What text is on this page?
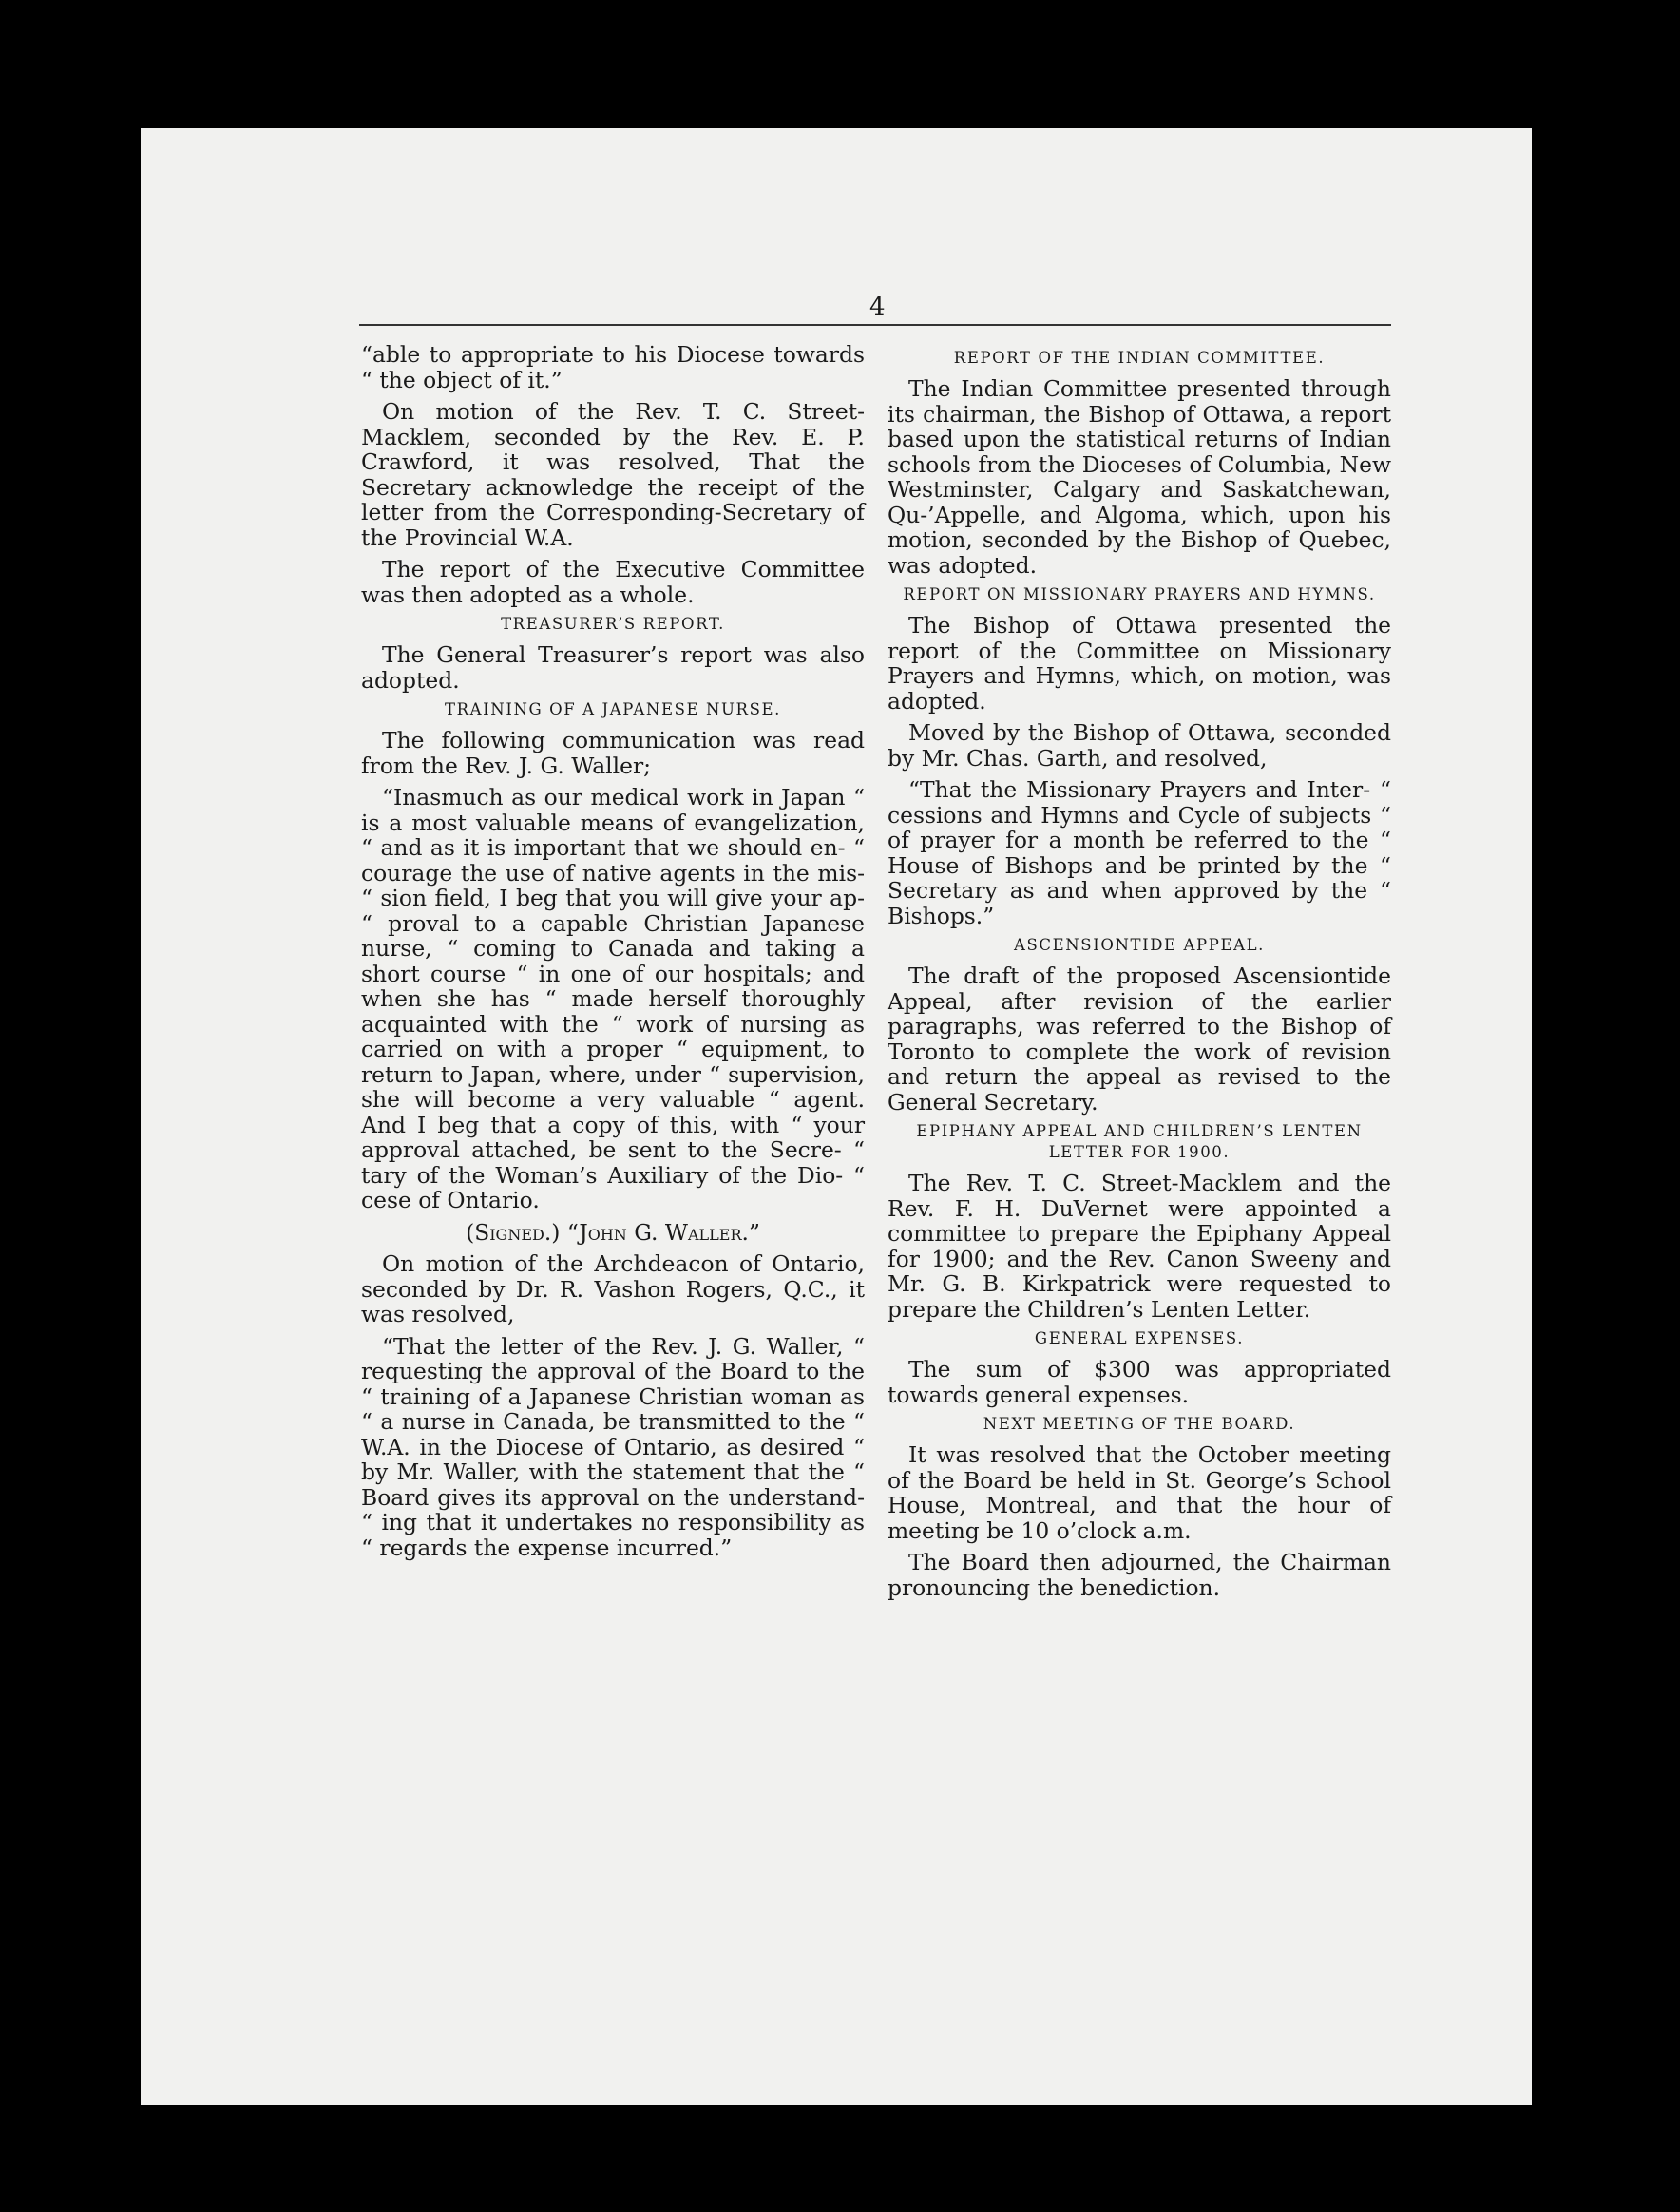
4

“able to appropriate to his Diocese towards “ the object of it.”

On motion of the Rev. T. C. Street-Macklem, seconded by the Rev. E. P. Crawford, it was resolved, That the Secretary acknowledge the receipt of the letter from the Corresponding-Secretary of the Provincial W.A.

The report of the Executive Committee was then adopted as a whole.

TREASURER’S REPORT.

The General Treasurer’s report was also adopted.

TRAINING OF A JAPANESE NURSE.

The following communication was read from the Rev. J. G. Waller;

“Inasmuch as our medical work in Japan “ is a most valuable means of evangelization, “ and as it is important that we should en- “ courage the use of native agents in the mis- “ sion field, I beg that you will give your ap- “ proval to a capable Christian Japanese nurse, “ coming to Canada and taking a short course “ in one of our hospitals; and when she has “ made herself thoroughly acquainted with the “ work of nursing as carried on with a proper “ equipment, to return to Japan, where, under “ supervision, she will become a very valuable “ agent. And I beg that a copy of this, with “ your approval attached, be sent to the Secre- “ tary of the Woman’s Auxiliary of the Dio- “ cese of Ontario.

(Signed.) “John G. Waller.”

On motion of the Archdeacon of Ontario, seconded by Dr. R. Vashon Rogers, Q.C., it was resolved,

“That the letter of the Rev. J. G. Waller, “ requesting the approval of the Board to the “ training of a Japanese Christian woman as “ a nurse in Canada, be transmitted to the “ W.A. in the Diocese of Ontario, as desired “ by Mr. Waller, with the statement that the “ Board gives its approval on the understand- “ ing that it undertakes no responsibility as “ regards the expense incurred.”

REPORT OF THE INDIAN COMMITTEE.

The Indian Committee presented through its chairman, the Bishop of Ottawa, a report based upon the statistical returns of Indian schools from the Dioceses of Columbia, New Westminster, Calgary and Saskatchewan, Qu-’Appelle, and Algoma, which, upon his motion, seconded by the Bishop of Quebec, was adopted.

REPORT ON MISSIONARY PRAYERS AND HYMNS.

The Bishop of Ottawa presented the report of the Committee on Missionary Prayers and Hymns, which, on motion, was adopted.

Moved by the Bishop of Ottawa, seconded by Mr. Chas. Garth, and resolved,

“That the Missionary Prayers and Inter- “ cessions and Hymns and Cycle of subjects “ of prayer for a month be referred to the “ House of Bishops and be printed by the “ Secretary as and when approved by the “ Bishops.”

ASCENSIONTIDE APPEAL.

The draft of the proposed Ascensiontide Appeal, after revision of the earlier paragraphs, was referred to the Bishop of Toronto to complete the work of revision and return the appeal as revised to the General Secretary.

EPIPHANY APPEAL AND CHILDREN’S LENTEN LETTER FOR 1900.

The Rev. T. C. Street-Macklem and the Rev. F. H. DuVernet were appointed a committee to prepare the Epiphany Appeal for 1900; and the Rev. Canon Sweeny and Mr. G. B. Kirkpatrick were requested to prepare the Children’s Lenten Letter.

GENERAL EXPENSES.

The sum of $300 was appropriated towards general expenses.

NEXT MEETING OF THE BOARD.

It was resolved that the October meeting of the Board be held in St. George’s School House, Montreal, and that the hour of meeting be 10 o’clock a.m.

The Board then adjourned, the Chairman pronouncing the benediction.
